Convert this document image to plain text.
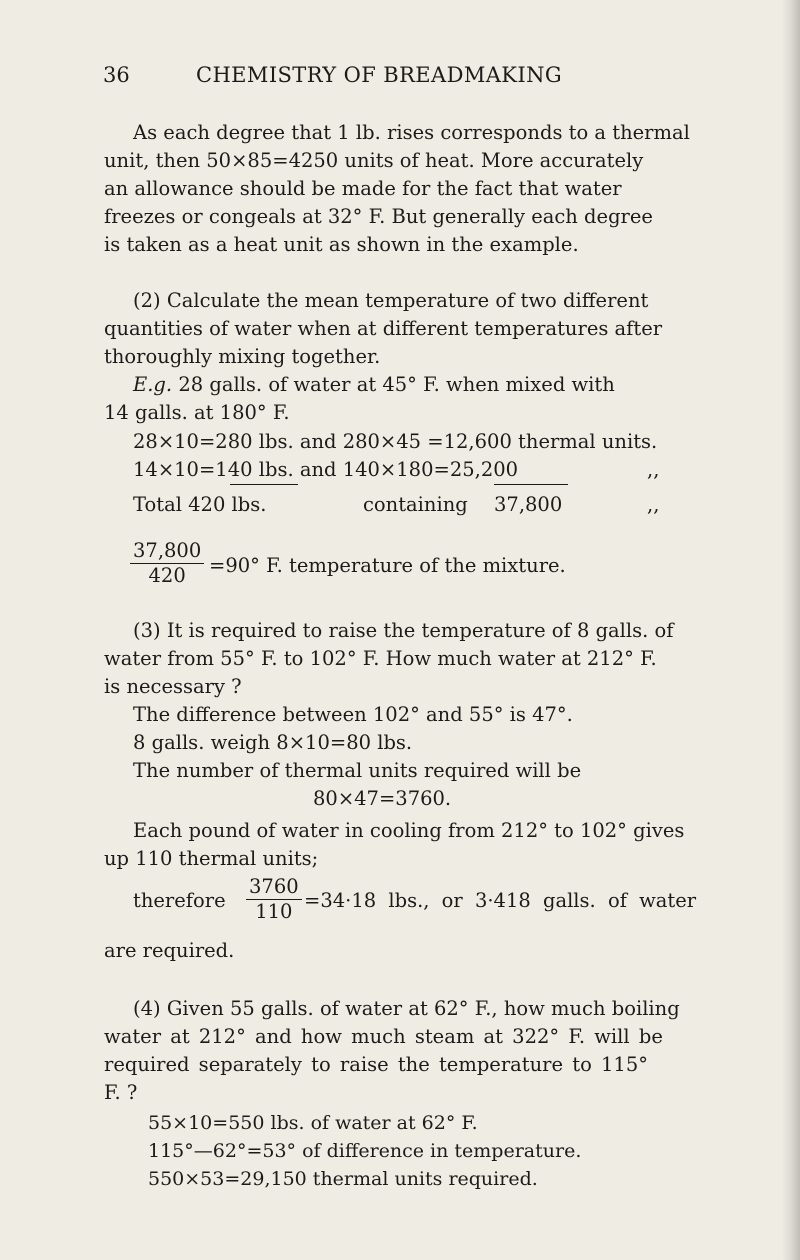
36	CHEMISTRY OF BREADMAKING
As each degree that 1 lb. rises corresponds to a thermal
unit, then 50×85=4250 units of heat. More accurately
an allowance should be made for the fact that water
freezes or congeals at 32° F. But generally each degree
is taken as a heat unit as shown in the example.
(2) Calculate the mean temperature of two different
quantities of water when at different temperatures after
thoroughly mixing together.
E.g. 28 galls. of water at 45° F. when mixed with
14 galls. at 180° F.
28×10=280 lbs. and 280×45 =12,600 thermal units.
14×10=140 lbs. and 140×180=25,200	,,
Total 420 lbs.	containing 37,800	,,
$\frac{37,800}{420} =90^\circ$ F. temperature of the mixture.
(3) It is required to raise the temperature of 8 galls. of
water from 55° F. to 102° F. How much water at 212° F.
is necessary ?
The difference between 102° and 55° is 47°.
8 galls. weigh 8×10=80 lbs.
The number of thermal units required will be
80×47=3760.
Each pound of water in cooling from 212° to 102° gives
up 110 thermal units;
therefore $\frac{3760}{110} =34\cdot 18$ lbs., or 3·418 galls. of water
are required.
(4) Given 55 galls. of water at 62° F., how much boiling
water at 212° and how much steam at 322° F. will be
required separately to raise the temperature to 115°
F. ?
55×10=550 lbs. of water at 62° F.
115°—62°=53° of difference in temperature.
550×53=29,150 thermal units required.
